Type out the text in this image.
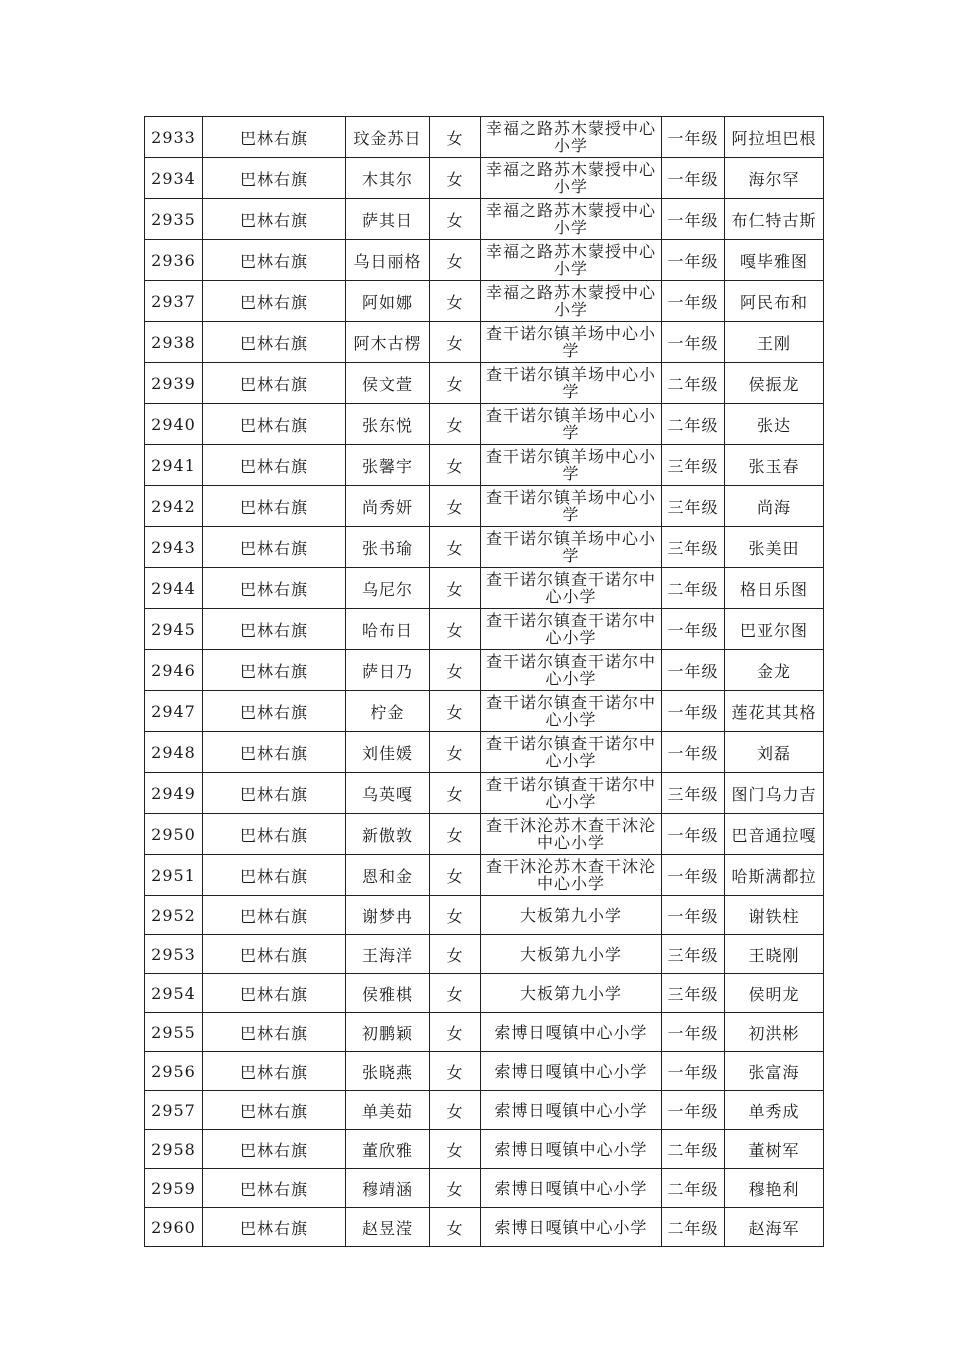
2933	巴林右旗	玟金苏日	女	幸福之路苏木蒙授中心小学	一年级	阿拉坦巴根
2934	巴林右旗	木其尔	女	幸福之路苏木蒙授中心小学	一年级	海尔罕
2935	巴林右旗	萨其日	女	幸福之路苏木蒙授中心小学	一年级	布仁特古斯
2936	巴林右旗	乌日丽格	女	幸福之路苏木蒙授中心小学	一年级	嘎毕雅图
2937	巴林右旗	阿如娜	女	幸福之路苏木蒙授中心小学	一年级	阿民布和
2938	巴林右旗	阿木古楞	女	查干诺尔镇羊场中心小学	一年级	王刚
2939	巴林右旗	侯文萱	女	查干诺尔镇羊场中心小学	二年级	侯振龙
2940	巴林右旗	张东悦	女	查干诺尔镇羊场中心小学	二年级	张达
2941	巴林右旗	张馨宇	女	查干诺尔镇羊场中心小学	三年级	张玉春
2942	巴林右旗	尚秀妍	女	查干诺尔镇羊场中心小学	三年级	尚海
2943	巴林右旗	张书瑜	女	查干诺尔镇羊场中心小学	三年级	张美田
2944	巴林右旗	乌尼尔	女	查干诺尔镇查干诺尔中心小学	二年级	格日乐图
2945	巴林右旗	哈布日	女	查干诺尔镇查干诺尔中心小学	一年级	巴亚尔图
2946	巴林右旗	萨日乃	女	查干诺尔镇查干诺尔中心小学	一年级	金龙
2947	巴林右旗	柠金	女	查干诺尔镇查干诺尔中心小学	一年级	莲花其其格
2948	巴林右旗	刘佳媛	女	查干诺尔镇查干诺尔中心小学	一年级	刘磊
2949	巴林右旗	乌英嘎	女	查干诺尔镇查干诺尔中心小学	三年级	图门乌力吉
2950	巴林右旗	新傲敦	女	查干沐沦苏木查干沐沦中心小学	一年级	巴音通拉嘎
2951	巴林右旗	恩和金	女	查干沐沦苏木查干沐沦中心小学	一年级	哈斯满都拉
2952	巴林右旗	谢梦冉	女	大板第九小学	一年级	谢铁柱
2953	巴林右旗	王海洋	女	大板第九小学	三年级	王晓刚
2954	巴林右旗	侯雅棋	女	大板第九小学	三年级	侯明龙
2955	巴林右旗	初鹏颖	女	索博日嘎镇中心小学	一年级	初洪彬
2956	巴林右旗	张晓燕	女	索博日嘎镇中心小学	一年级	张富海
2957	巴林右旗	单美茹	女	索博日嘎镇中心小学	一年级	单秀成
2958	巴林右旗	董欣雅	女	索博日嘎镇中心小学	二年级	董树军
2959	巴林右旗	穆靖涵	女	索博日嘎镇中心小学	二年级	穆艳利
2960	巴林右旗	赵昱滢	女	索博日嘎镇中心小学	二年级	赵海军
